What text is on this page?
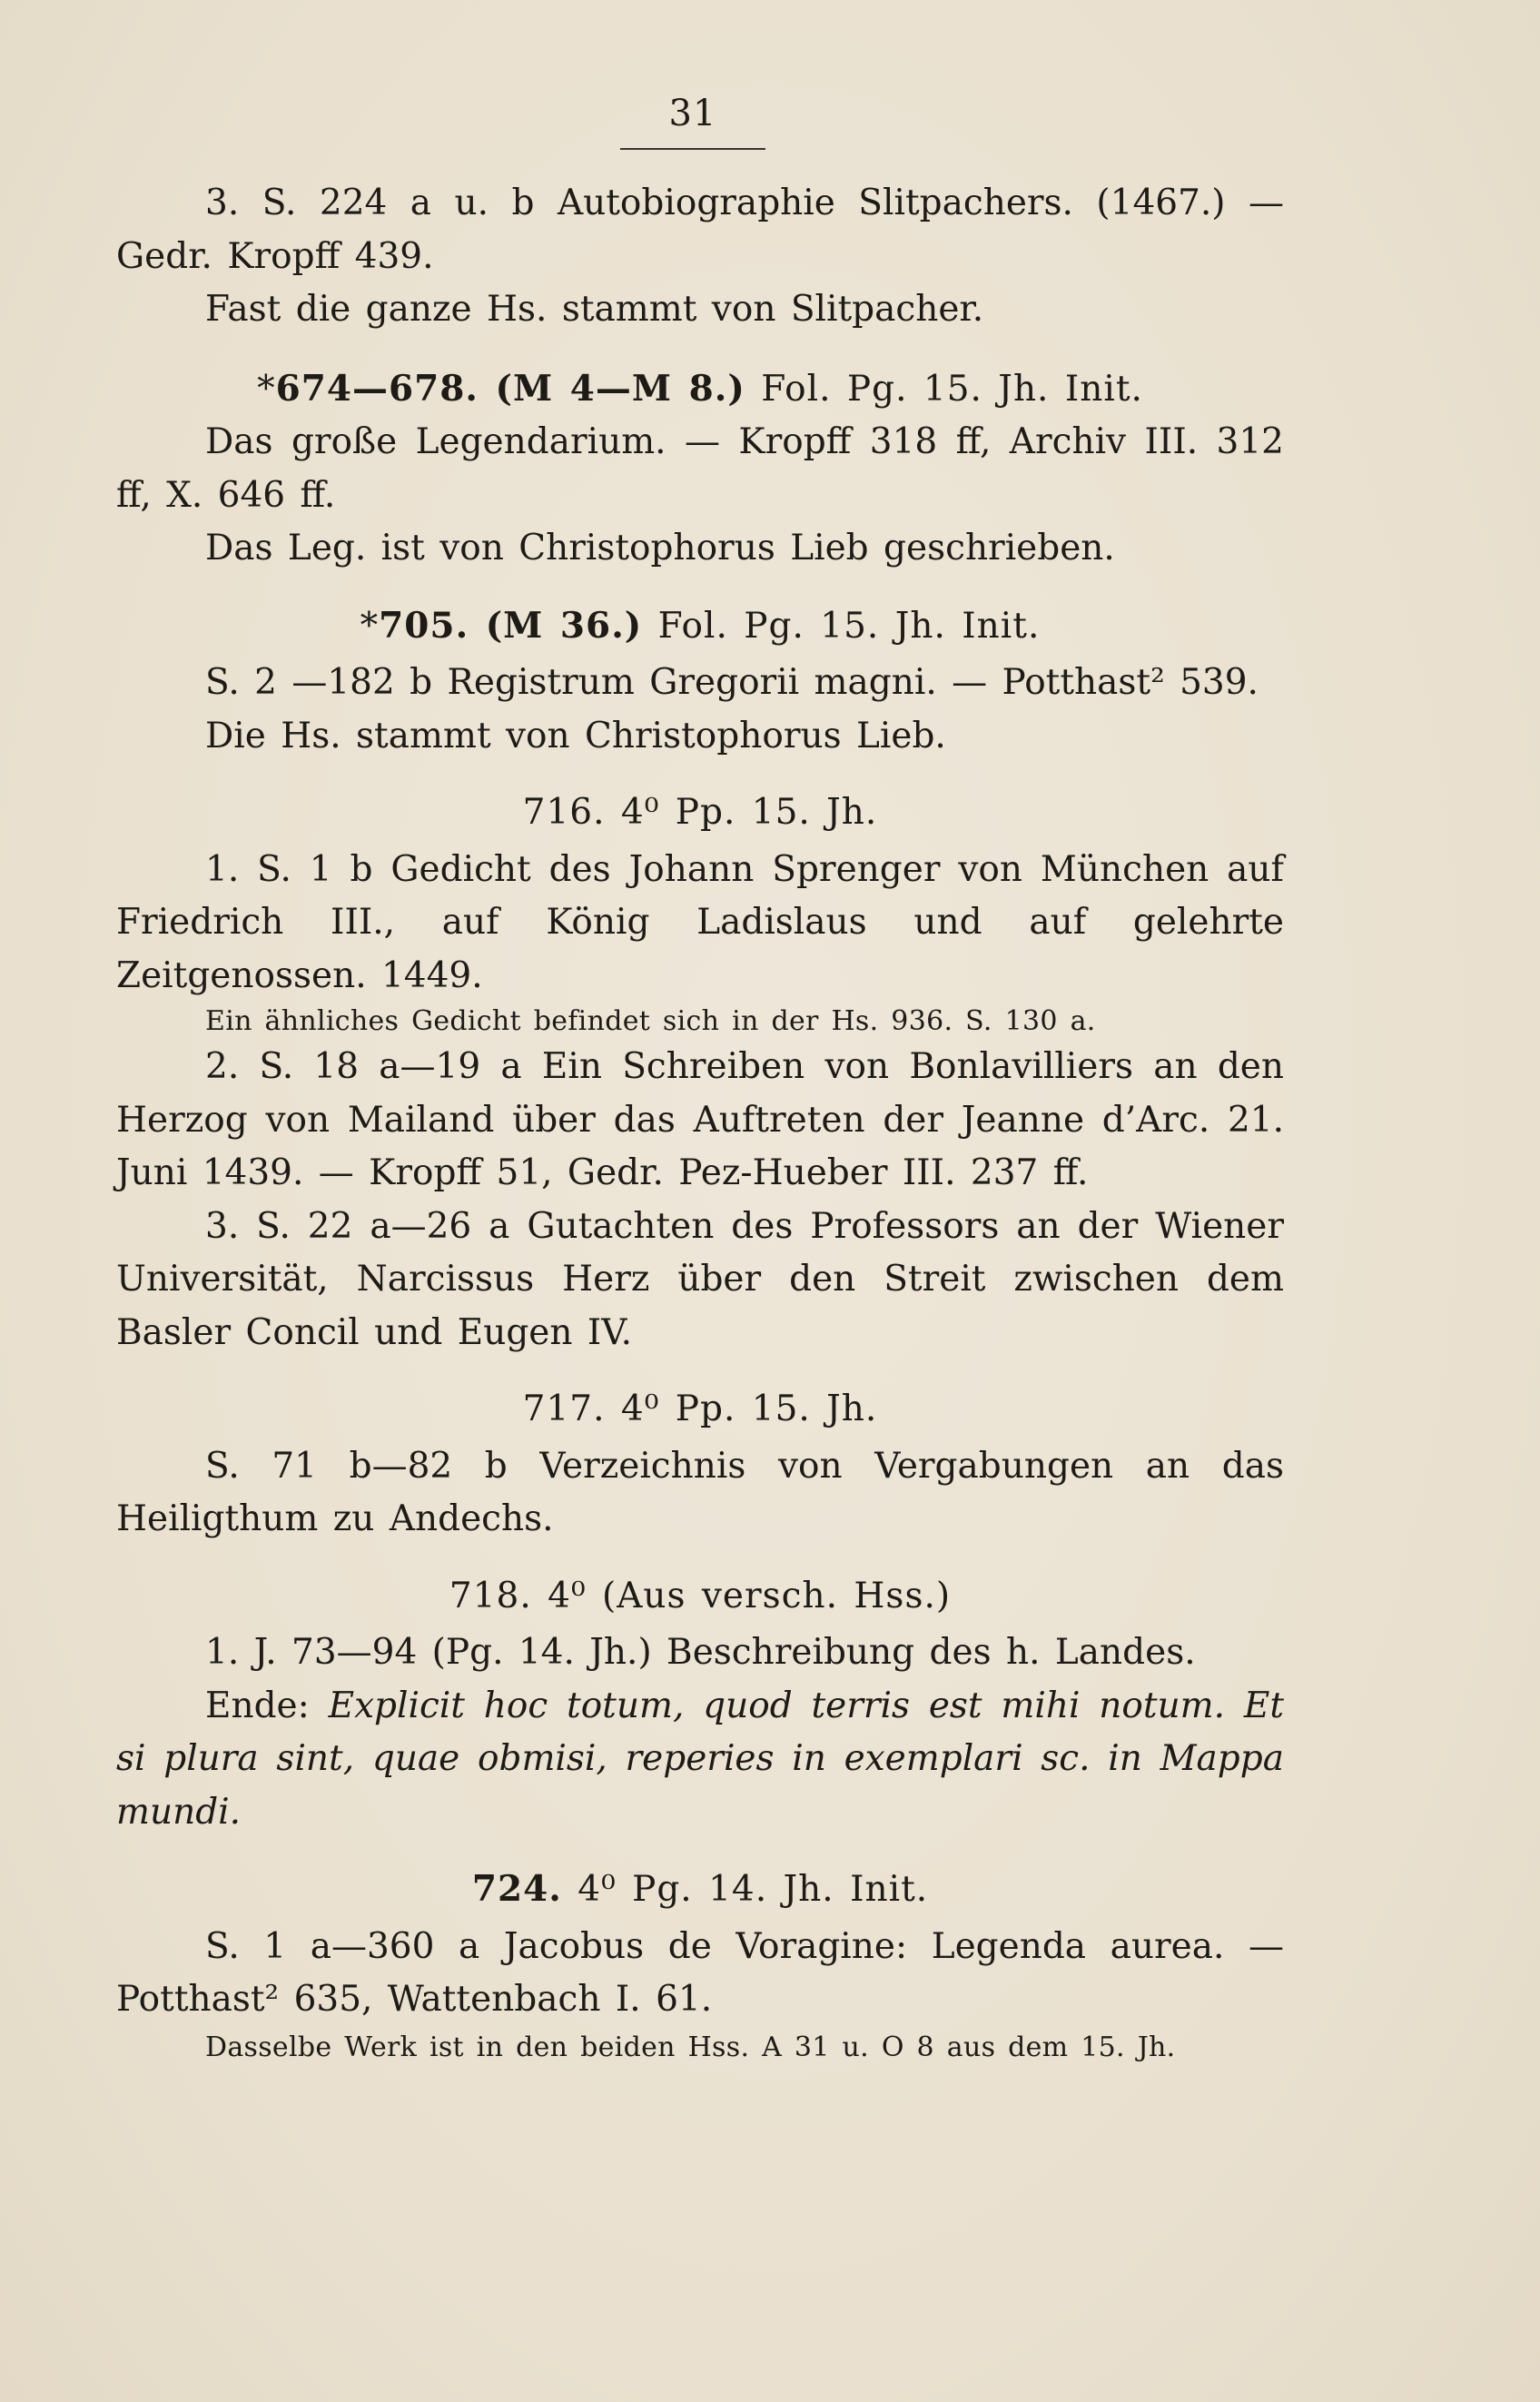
31

3. S. 224 a u. b Autobiographie Slitpachers. (1467.) — Gedr. Kropff 439.

Fast die ganze Hs. stammt von Slitpacher.

*674—678. (M 4—M 8.) Fol. Pg. 15. Jh. Init.

Das große Legendarium. — Kropff 318 ff, Archiv III. 312 ff, X. 646 ff.

Das Leg. ist von Christophorus Lieb geschrieben.

*705. (M 36.) Fol. Pg. 15. Jh. Init.

S. 2 —182 b Registrum Gregorii magni. — Potthast² 539.

Die Hs. stammt von Christophorus Lieb.

716. 4⁰ Pp. 15. Jh.

1. S. 1 b Gedicht des Johann Sprenger von München auf Friedrich III., auf König Ladislaus und auf gelehrte Zeitgenossen. 1449.

Ein ähnliches Gedicht befindet sich in der Hs. 936. S. 130 a.

2. S. 18 a—19 a Ein Schreiben von Bonlavilliers an den Herzog von Mailand über das Auftreten der Jeanne d’Arc. 21. Juni 1439. — Kropff 51, Gedr. Pez-Hueber III. 237 ff.

3. S. 22 a—26 a Gutachten des Professors an der Wiener Universität, Narcissus Herz über den Streit zwischen dem Basler Concil und Eugen IV.

717. 4⁰ Pp. 15. Jh.

S. 71 b—82 b Verzeichnis von Vergabungen an das Heiligthum zu Andechs.

718. 4⁰ (Aus versch. Hss.)

1. J. 73—94 (Pg. 14. Jh.) Beschreibung des h. Landes.

Ende: Explicit hoc totum, quod terris est mihi notum. Et si plura sint, quae obmisi, reperies in exemplari sc. in Mappa mundi.

724. 4⁰ Pg. 14. Jh. Init.

S. 1 a—360 a Jacobus de Voragine: Legenda aurea. — Potthast² 635, Wattenbach I. 61.

Dasselbe Werk ist in den beiden Hss. A 31 u. O 8 aus dem 15. Jh.
